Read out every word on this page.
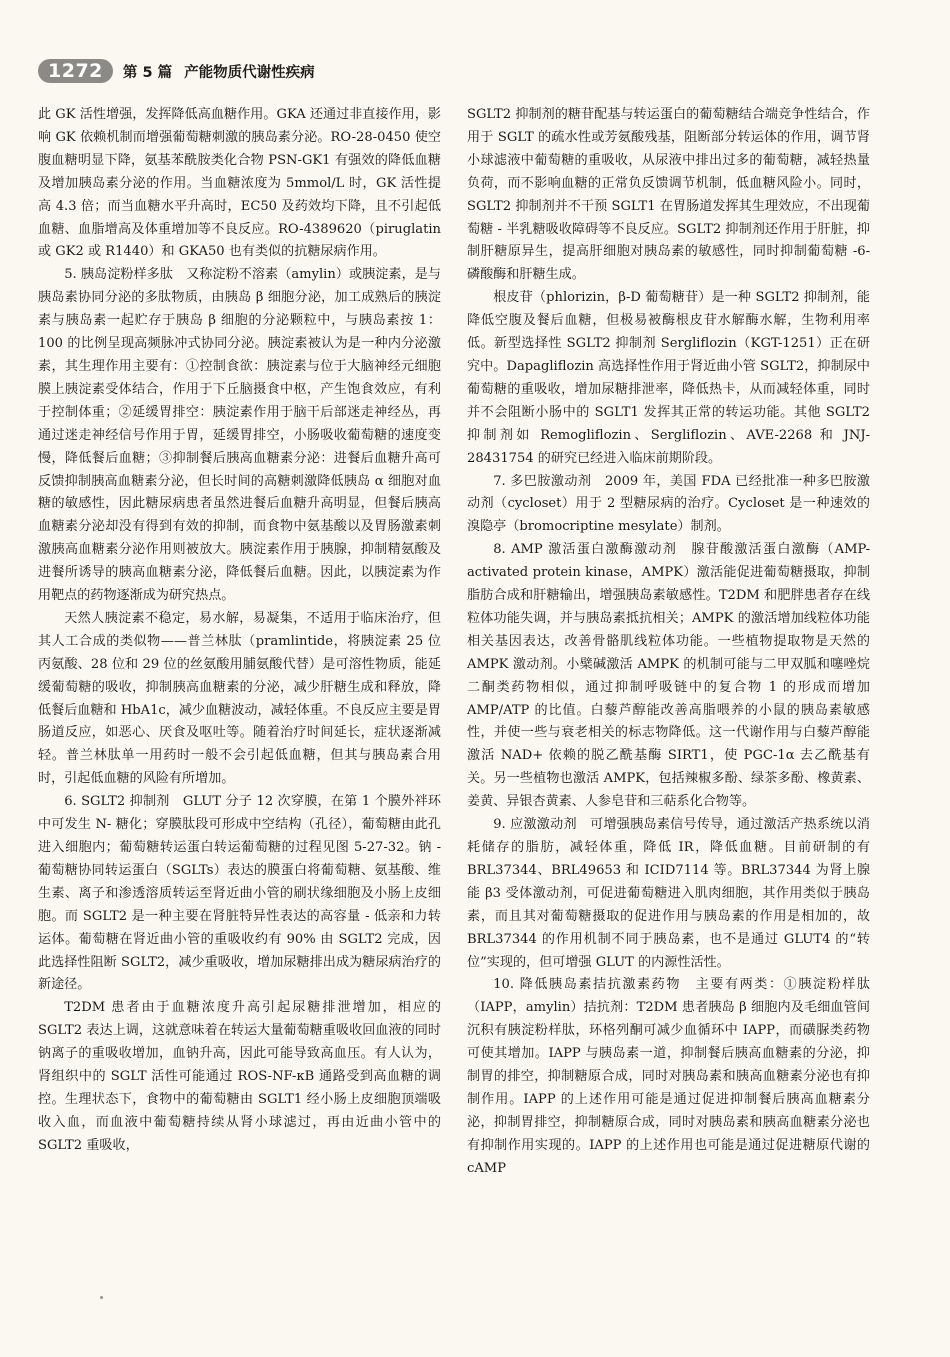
1272	第 5 篇 产能物质代谢性疾病

此 GK 活性增强，发挥降低高血糖作用。GKA 还通过非直接作用，影响 GK 依赖机制而增强葡萄糖刺激的胰岛素分泌。RO-28-0450 使空腹血糖明显下降，氨基苯酰胺类化合物 PSN-GK1 有强效的降低血糖及增加胰岛素分泌的作用。当血糖浓度为 5mmol/L 时，GK 活性提高 4.3 倍；而当血糖水平升高时，EC50 及药效均下降，且不引起低血糖、血脂增高及体重增加等不良反应。RO-4389620（piruglatin 或 GK2 或 R1440）和 GKA50 也有类似的抗糖尿病作用。

5. 胰岛淀粉样多肽　又称淀粉不溶素（amylin）或胰淀素，是与胰岛素协同分泌的多肽物质，由胰岛 β 细胞分泌，加工成熟后的胰淀素与胰岛素一起贮存于胰岛 β 细胞的分泌颗粒中，与胰岛素按 1：100 的比例呈现高频脉冲式协同分泌。胰淀素被认为是一种内分泌激素，其生理作用主要有：①控制食欲：胰淀素与位于大脑神经元细胞膜上胰淀素受体结合，作用于下丘脑摄食中枢，产生饱食效应，有利于控制体重；②延缓胃排空：胰淀素作用于脑干后部迷走神经丛，再通过迷走神经信号作用于胃，延缓胃排空，小肠吸收葡萄糖的速度变慢，降低餐后血糖；③抑制餐后胰高血糖素分泌：进餐后血糖升高可反馈抑制胰高血糖素分泌，但长时间的高糖刺激降低胰岛 α 细胞对血糖的敏感性，因此糖尿病患者虽然进餐后血糖升高明显，但餐后胰高血糖素分泌却没有得到有效的抑制，而食物中氨基酸以及胃肠激素刺激胰高血糖素分泌作用则被放大。胰淀素作用于胰腺，抑制精氨酸及进餐所诱导的胰高血糖素分泌，降低餐后血糖。因此，以胰淀素为作用靶点的药物逐渐成为研究热点。

天然人胰淀素不稳定，易水解，易凝集，不适用于临床治疗，但其人工合成的类似物——普兰林肽（pramlintide，将胰淀素 25 位丙氨酸、28 位和 29 位的丝氨酸用脯氨酸代替）是可溶性物质，能延缓葡萄糖的吸收，抑制胰高血糖素的分泌，减少肝糖生成和释放，降低餐后血糖和 HbA1c，减少血糖波动，减轻体重。不良反应主要是胃肠道反应，如恶心、厌食及呕吐等。随着治疗时间延长，症状逐渐减轻。普兰林肽单一用药时一般不会引起低血糖，但其与胰岛素合用时，引起低血糖的风险有所增加。

6. SGLT2 抑制剂　GLUT 分子 12 次穿膜，在第 1 个膜外袢环中可发生 N- 糖化；穿膜肽段可形成中空结构（孔径），葡萄糖由此孔进入细胞内；葡萄糖转运蛋白转运葡萄糖的过程见图 5-27-32。钠 - 葡萄糖协同转运蛋白（SGLTs）表达的膜蛋白将葡萄糖、氨基酸、维生素、离子和渗透溶质转运至肾近曲小管的刷状缘细胞及小肠上皮细胞。而 SGLT2 是一种主要在肾脏特异性表达的高容量 - 低亲和力转运体。葡萄糖在肾近曲小管的重吸收约有 90% 由 SGLT2 完成，因此选择性阻断 SGLT2，减少重吸收，增加尿糖排出成为糖尿病治疗的新途径。

T2DM 患者由于血糖浓度升高引起尿糖排泄增加，相应的 SGLT2 表达上调，这就意味着在转运大量葡萄糖重吸收回血液的同时钠离子的重吸收增加，血钠升高，因此可能导致高血压。有人认为，肾组织中的 SGLT 活性可能通过 ROS-NF-κB 通路受到高血糖的调控。生理状态下，食物中的葡萄糖由 SGLT1 经小肠上皮细胞顶端吸收入血，而血液中葡萄糖持续从肾小球滤过，再由近曲小管中的 SGLT2 重吸收，

SGLT2 抑制剂的糖苷配基与转运蛋白的葡萄糖结合端竞争性结合，作用于 SGLT 的疏水性或芳氨酸残基，阻断部分转运体的作用，调节肾小球滤液中葡萄糖的重吸收，从尿液中排出过多的葡萄糖，减轻热量负荷，而不影响血糖的正常负反馈调节机制，低血糖风险小。同时，SGLT2 抑制剂并不干预 SGLT1 在胃肠道发挥其生理效应，不出现葡萄糖 - 半乳糖吸收障碍等不良反应。SGLT2 抑制剂还作用于肝脏，抑制肝糖原异生，提高肝细胞对胰岛素的敏感性，同时抑制葡萄糖 -6- 磷酸酶和肝糖生成。

根皮苷（phlorizin，β-D 葡萄糖苷）是一种 SGLT2 抑制剂，能降低空腹及餐后血糖，但极易被酶根皮苷水解酶水解，生物利用率低。新型选择性 SGLT2 抑制剂 Sergliflozin（KGT-1251）正在研究中。Dapagliflozin 高选择性作用于肾近曲小管 SGLT2，抑制尿中葡萄糖的重吸收，增加尿糖排泄率，降低热卡，从而减轻体重，同时并不会阻断小肠中的 SGLT1 发挥其正常的转运功能。其他 SGLT2 抑制剂如 Remogliflozin、Sergliflozin、AVE-2268 和 JNJ-28431754 的研究已经进入临床前期阶段。

7. 多巴胺激动剂　2009 年，美国 FDA 已经批准一种多巴胺激动剂（cycloset）用于 2 型糖尿病的治疗。Cycloset 是一种速效的溴隐亭（bromocriptine mesylate）制剂。

8. AMP 激活蛋白激酶激动剂　腺苷酸激活蛋白激酶（AMP-activated protein kinase，AMPK）激活能促进葡萄糖摄取，抑制脂肪合成和肝糖输出，增强胰岛素敏感性。T2DM 和肥胖患者存在线粒体功能失调，并与胰岛素抵抗相关；AMPK 的激活增加线粒体功能相关基因表达，改善骨骼肌线粒体功能。一些植物提取物是天然的 AMPK 激动剂。小檗碱激活 AMPK 的机制可能与二甲双胍和噻唑烷二酮类药物相似，通过抑制呼吸链中的复合物 1 的形成而增加 AMP/ATP 的比值。白藜芦醇能改善高脂喂养的小鼠的胰岛素敏感性，并使一些与衰老相关的标志物降低。这一代谢作用与白藜芦醇能激活 NAD+ 依赖的脱乙酰基酶 SIRT1，使 PGC-1α 去乙酰基有关。另一些植物也激活 AMPK，包括辣椒多酚、绿茶多酚、橡黄素、姜黄、异银杏黄素、人参皂苷和三萜系化合物等。

9. 应激激动剂　可增强胰岛素信号传导，通过激活产热系统以消耗储存的脂肪，减轻体重，降低 IR，降低血糖。目前研制的有 BRL37344、BRL49653 和 ICID7114 等。BRL37344 为肾上腺能 β3 受体激动剂，可促进葡萄糖进入肌肉细胞，其作用类似于胰岛素，而且其对葡萄糖摄取的促进作用与胰岛素的作用是相加的，故 BRL37344 的作用机制不同于胰岛素，也不是通过 GLUT4 的“转位”实现的，但可增强 GLUT 的内源性活性。

10. 降低胰岛素拮抗激素药物　主要有两类：①胰淀粉样肽（IAPP，amylin）拮抗剂：T2DM 患者胰岛 β 细胞内及毛细血管间沉积有胰淀粉样肽，环格列酮可减少血循环中 IAPP，而磺脲类药物可使其增加。IAPP 与胰岛素一道，抑制餐后胰高血糖素的分泌，抑制胃的排空，抑制糖原合成，同时对胰岛素和胰高血糖素分泌也有抑制作用。IAPP 的上述作用可能是通过促进抑制餐后胰高血糖素分泌，抑制胃排空，抑制糖原合成，同时对胰岛素和胰高血糖素分泌也有抑制作用实现的。IAPP 的上述作用也可能是通过促进糖原代谢的 cAMP
